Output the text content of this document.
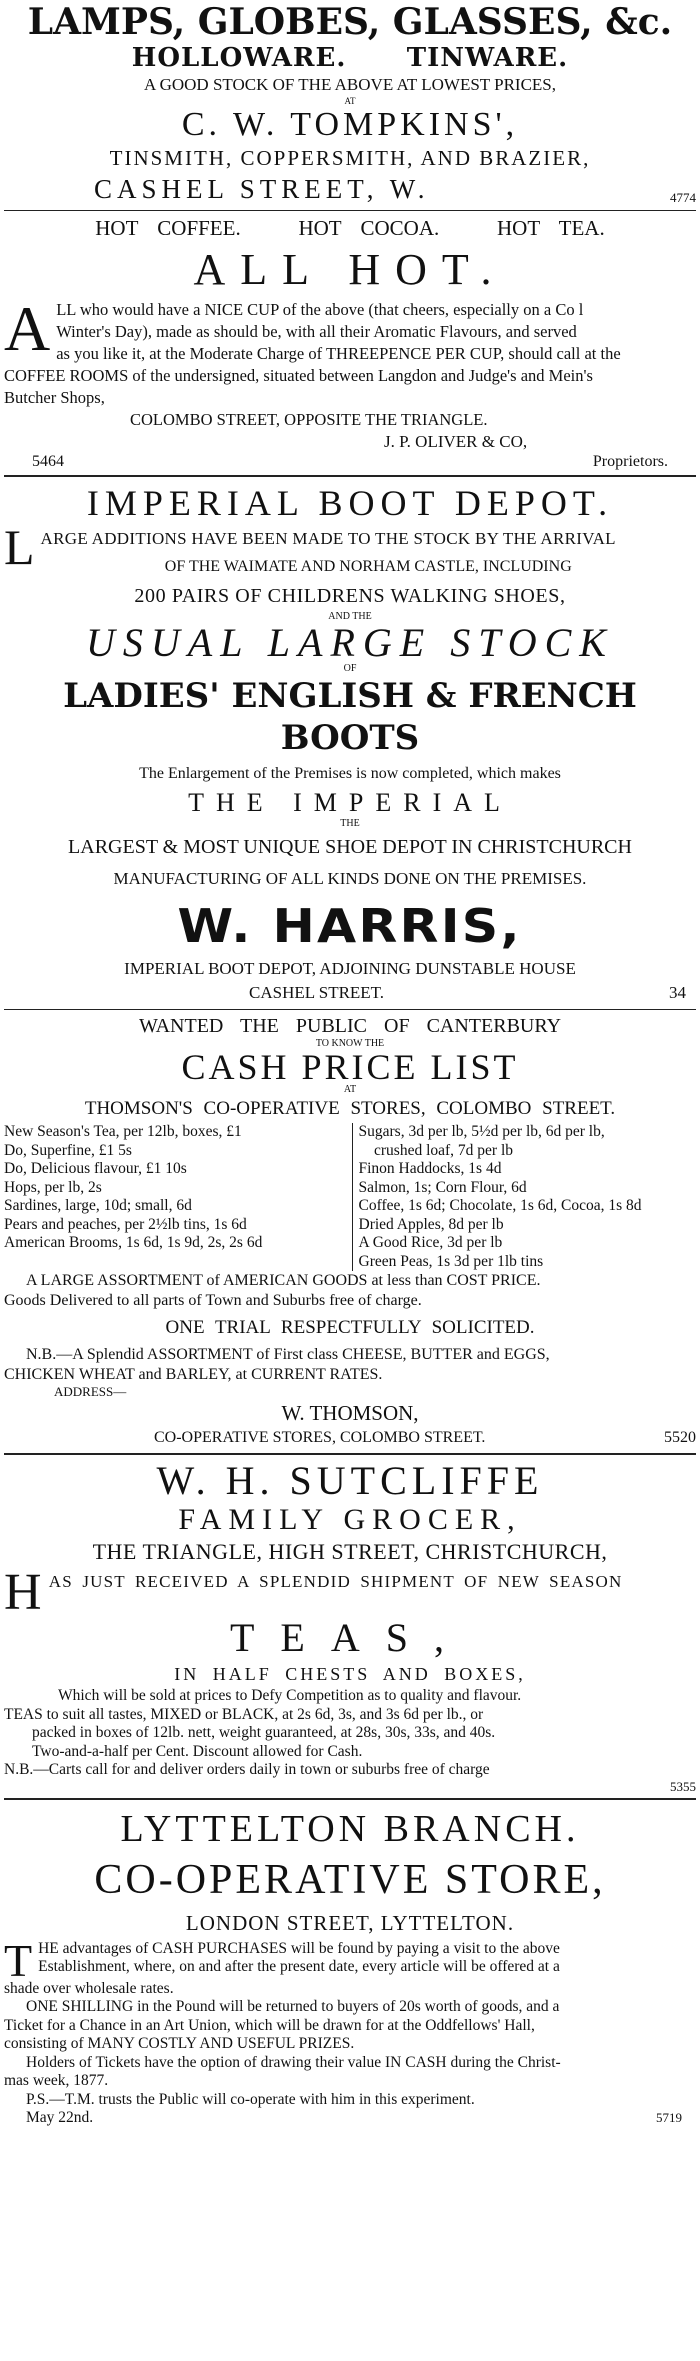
LAMPS, GLOBES, GLASSES, &c.
HOLLOWARE.      TINWARE.
A GOOD STOCK OF THE ABOVE AT LOWEST PRICES,
AT
C. W. TOMPKINS',
TINSMITH, COPPERSMITH, AND BRAZIER,
CASHEL STREET, W.	4774
HOT COFFEE.   HOT COCOA.   HOT TEA.
ALL HOT.
A LL who would have a NICE CUP of the above (that cheers, especially on a Co l
Winter's Day), made as should be, with all their Aromatic Flavours, and served
as you like it, at the Moderate Charge of THREEPENCE PER CUP, should call at the
COFFEE ROOMS of the undersigned, situated between Langdon and Judge's and Mein's
Butcher Shops,
COLOMBO STREET, OPPOSITE THE TRIANGLE.
J. P. OLIVER & CO,
5464	Proprietors.
IMPERIAL BOOT DEPOT.
L ARGE ADDITIONS HAVE BEEN MADE TO THE STOCK BY THE ARRIVAL
OF THE WAIMATE AND NORHAM CASTLE, INCLUDING
200 PAIRS OF CHILDRENS WALKING SHOES,
AND THE
USUAL LARGE STOCK
OF
LADIES' ENGLISH & FRENCH BOOTS
The Enlargement of the Premises is now completed, which makes
THE IMPERIAL
THE
LARGEST & MOST UNIQUE SHOE DEPOT IN CHRISTCHURCH
MANUFACTURING OF ALL KINDS DONE ON THE PREMISES.
W. HARRIS,
IMPERIAL BOOT DEPOT, ADJOINING DUNSTABLE HOUSE
CASHEL STREET.	34
WANTED THE PUBLIC OF CANTERBURY
TO KNOW THE
CASH PRICE LIST
AT
THOMSON'S CO-OPERATIVE STORES, COLOMBO STREET.
New Season's Tea, per 12lb, boxes, £1
Do, Superfine, £1 5s
Do, Delicious flavour, £1 10s
Hops, per lb, 2s
Sardines, large, 10d; small, 6d
Pears and peaches, per 2½lb tins, 1s 6d
American Brooms, 1s 6d, 1s 9d, 2s, 2s 6d
Sugars, 3d per lb, 5½d per lb, 6d per lb,
crushed loaf, 7d per lb
Finon Haddocks, 1s 4d
Salmon, 1s; Corn Flour, 6d
Coffee, 1s 6d; Chocolate, 1s 6d, Cocoa, 1s 8d
Dried Apples, 8d per lb
A Good Rice, 3d per lb
Green Peas, 1s 3d per 1lb tins
A LARGE ASSORTMENT of AMERICAN GOODS at less than COST PRICE.
Goods Delivered to all parts of Town and Suburbs free of charge.
ONE TRIAL RESPECTFULLY SOLICITED.
N.B.—A Splendid ASSORTMENT of First class CHEESE, BUTTER and EGGS,
CHICKEN WHEAT and BARLEY, at CURRENT RATES.
ADDRESS—
W. THOMSON,
CO-OPERATIVE STORES, COLOMBO STREET.	5520
W. H. SUTCLIFFE
FAMILY GROCER,
THE TRIANGLE, HIGH STREET, CHRISTCHURCH,
H AS JUST RECEIVED A SPLENDID SHIPMENT OF NEW SEASON
TEAS,
IN HALF CHESTS AND BOXES,
Which will be sold at prices to Defy Competition as to quality and flavour.
TEAS to suit all tastes, MIXED or BLACK, at 2s 6d, 3s, and 3s 6d per lb., or
packed in boxes of 12lb. nett, weight guaranteed, at 28s, 30s, 33s, and 40s.
Two-and-a-half per Cent. Discount allowed for Cash.
N.B.—Carts call for and deliver orders daily in town or suburbs free of charge
5355
LYTTELTON BRANCH.
CO-OPERATIVE STORE,
LONDON STREET, LYTTELTON.
T HE advantages of CASH PURCHASES will be found by paying a visit to the above
Establishment, where, on and after the present date, every article will be offered at a
shade over wholesale rates.
ONE SHILLING in the Pound will be returned to buyers of 20s worth of goods, and a
Ticket for a Chance in an Art Union, which will be drawn for at the Oddfellows' Hall,
consisting of MANY COSTLY AND USEFUL PRIZES.
Holders of Tickets have the option of drawing their value IN CASH during the Christ-
mas week, 1877.
P.S.—T.M. trusts the Public will co-operate with him in this experiment.
May 22nd.	5719
